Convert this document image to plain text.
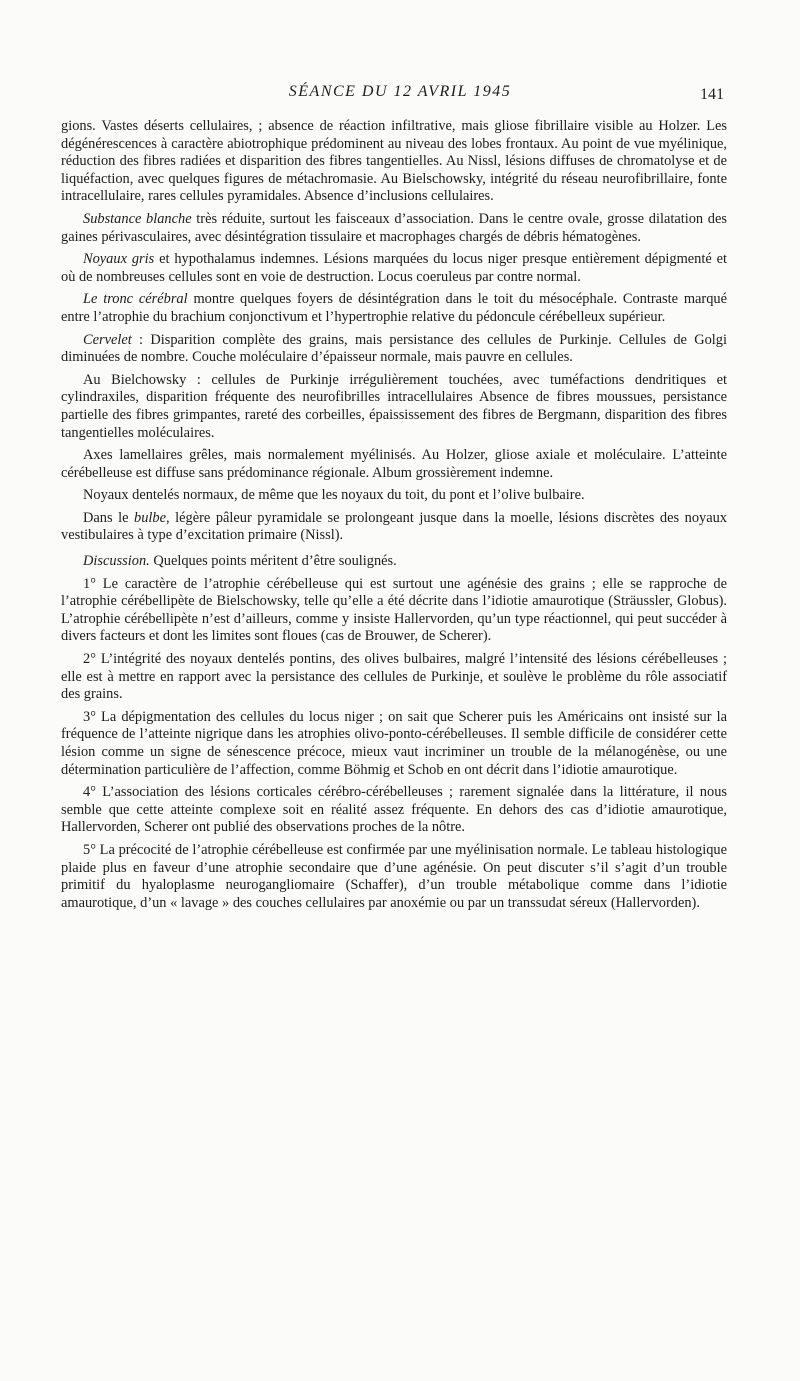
SÉANCE DU 12 AVRIL 1945	141

gions. Vastes déserts cellulaires, ; absence de réaction infiltrative, mais gliose fibrillaire visible au Holzer. Les dégénérescences à caractère abiotrophique prédominent au niveau des lobes frontaux. Au point de vue myélinique, réduction des fibres radiées et disparition des fibres tangentielles. Au Nissl, lésions diffuses de chromatolyse et de liquéfaction, avec quelques figures de métachromasie. Au Bielschowsky, intégrité du réseau neurofibrillaire, fonte intracellulaire, rares cellules pyramidales. Absence d’inclusions cellulaires.

Substance blanche très réduite, surtout les faisceaux d’association. Dans le centre ovale, grosse dilatation des gaines périvasculaires, avec désintégration tissulaire et macrophages chargés de débris hématogènes.

Noyaux gris et hypothalamus indemnes. Lésions marquées du locus niger presque entièrement dépigmenté et où de nombreuses cellules sont en voie de destruction. Locus coeruleus par contre normal.

Le tronc cérébral montre quelques foyers de désintégration dans le toit du mésocéphale. Contraste marqué entre l’atrophie du brachium conjonctivum et l’hypertrophie relative du pédoncule cérébelleux supérieur.

Cervelet : Disparition complète des grains, mais persistance des cellules de Purkinje. Cellules de Golgi diminuées de nombre. Couche moléculaire d’épaisseur normale, mais pauvre en cellules.

Au Bielchowsky : cellules de Purkinje irrégulièrement touchées, avec tuméfactions dendritiques et cylindraxiles, disparition fréquente des neurofibrilles intracellulaires Absence de fibres moussues, persistance partielle des fibres grimpantes, rareté des corbeilles, épaississement des fibres de Bergmann, disparition des fibres tangentielles moléculaires.

Axes lamellaires grêles, mais normalement myélinisés. Au Holzer, gliose axiale et moléculaire. L’atteinte cérébelleuse est diffuse sans prédominance régionale. Album grossièrement indemne.

Noyaux dentelés normaux, de même que les noyaux du toit, du pont et l’olive bulbaire.

Dans le bulbe, légère pâleur pyramidale se prolongeant jusque dans la moelle, lésions discrètes des noyaux vestibulaires à type d’excitation primaire (Nissl).

Discussion. Quelques points méritent d’être soulignés.

1° Le caractère de l’atrophie cérébelleuse qui est surtout une agénésie des grains ; elle se rapproche de l’atrophie cérébellipète de Bielschowsky, telle qu’elle a été décrite dans l’idiotie amaurotique (Sträussler, Globus). L’atrophie cérébellipète n’est d’ailleurs, comme y insiste Hallervorden, qu’un type réactionnel, qui peut succéder à divers facteurs et dont les limites sont floues (cas de Brouwer, de Scherer).

2° L’intégrité des noyaux dentelés pontins, des olives bulbaires, malgré l’intensité des lésions cérébelleuses ; elle est à mettre en rapport avec la persistance des cellules de Purkinje, et soulève le problème du rôle associatif des grains.

3° La dépigmentation des cellules du locus niger ; on sait que Scherer puis les Américains ont insisté sur la fréquence de l’atteinte nigrique dans les atrophies olivo-ponto-cérébelleuses. Il semble difficile de considérer cette lésion comme un signe de sénescence précoce, mieux vaut incriminer un trouble de la mélanogénèse, ou une détermination particulière de l’affection, comme Böhmig et Schob en ont décrit dans l’idiotie amaurotique.

4° L’association des lésions corticales cérébro-cérébelleuses ; rarement signalée dans la littérature, il nous semble que cette atteinte complexe soit en réalité assez fréquente. En dehors des cas d’idiotie amaurotique, Hallervorden, Scherer ont publié des observations proches de la nôtre.

5° La précocité de l’atrophie cérébelleuse est confirmée par une myélinisation normale. Le tableau histologique plaide plus en faveur d’une atrophie secondaire que d’une agénésie. On peut discuter s’il s’agit d’un trouble primitif du hyaloplasme neurogangliomaire (Schaffer), d’un trouble métabolique comme dans l’idiotie amaurotique, d’un « lavage » des couches cellulaires par anoxémie ou par un transsudat séreux (Hallervorden).
